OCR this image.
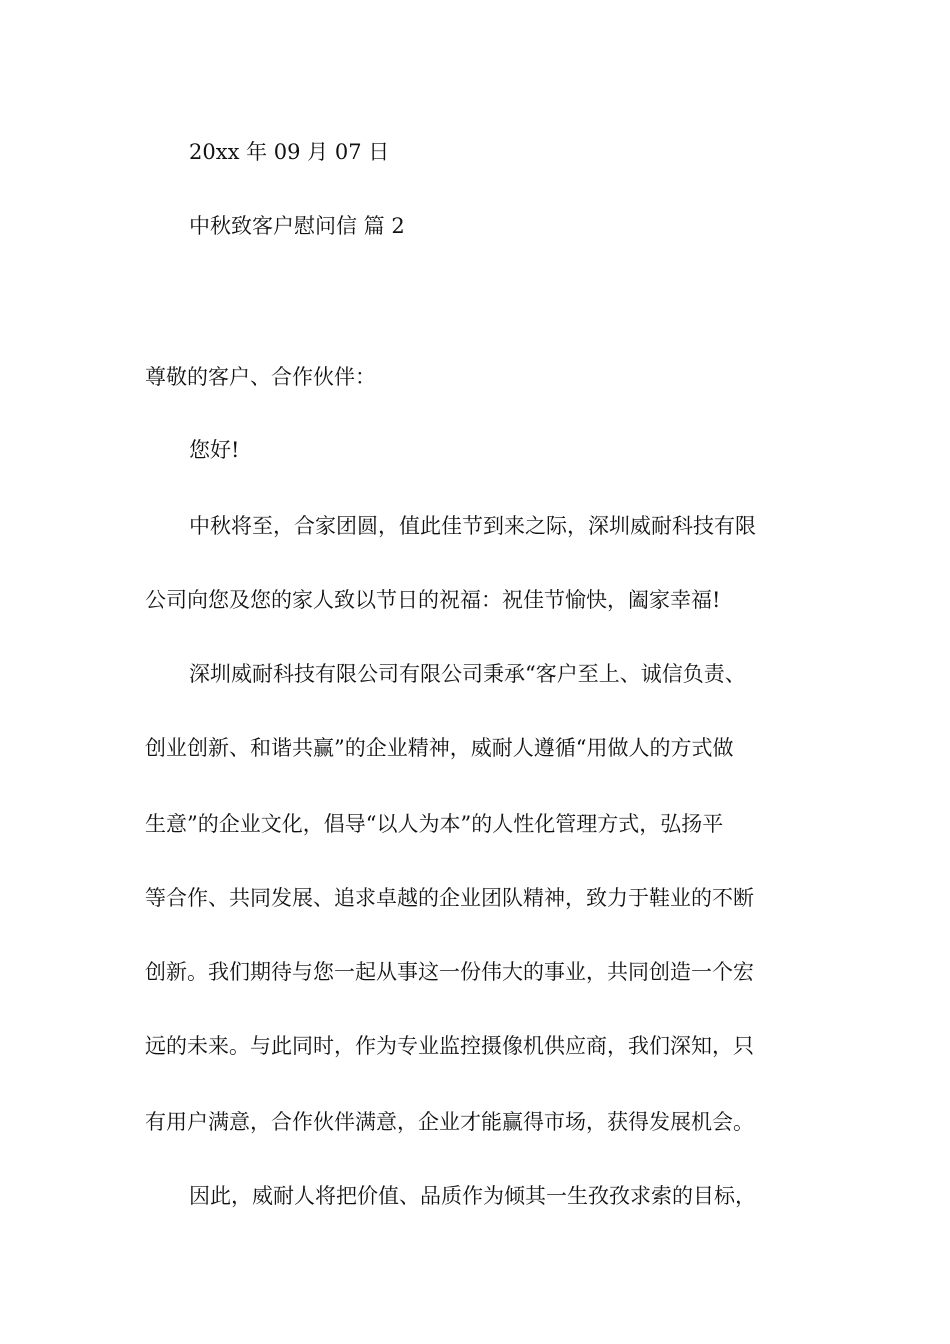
20xx 年 09 月 07 日

中秋致客户慰问信 篇 2

尊敬的客户、合作伙伴：

您好!

中秋将至，合家团圆，值此佳节到来之际，深圳威耐科技有限

公司向您及您的家人致以节日的祝福：祝佳节愉快，阖家幸福!

深圳威耐科技有限公司有限公司秉承“客户至上、诚信负责、

创业创新、和谐共赢”的企业精神，威耐人遵循“用做人的方式做

生意”的企业文化，倡导“以人为本”的人性化管理方式，弘扬平

等合作、共同发展、追求卓越的企业团队精神，致力于鞋业的不断

创新。我们期待与您一起从事这一份伟大的事业，共同创造一个宏

远的未来。与此同时，作为专业监控摄像机供应商，我们深知，只

有用户满意，合作伙伴满意，企业才能赢得市场，获得发展机会。

因此，威耐人将把价值、品质作为倾其一生孜孜求索的目标，
